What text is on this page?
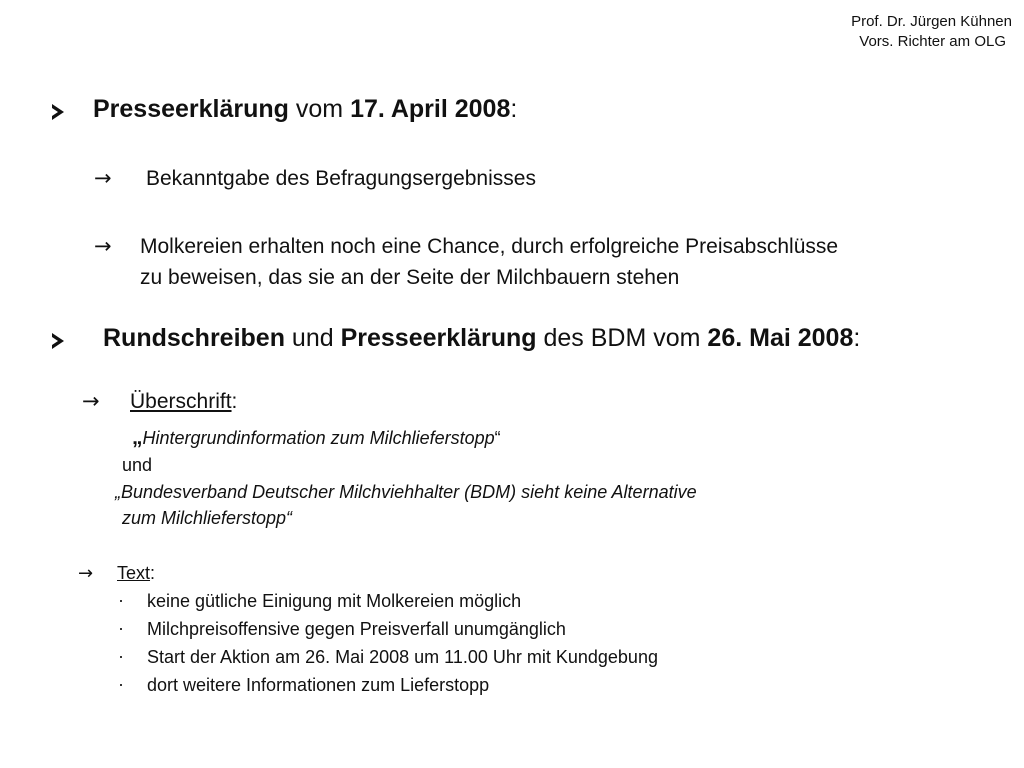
Prof. Dr. Jürgen Kühnen
Vors. Richter am OLG
Presseerklärung vom 17. April 2008:
→ Bekanntgabe des Befragungsergebnisses
→ Molkereien erhalten noch eine Chance, durch erfolgreiche Preisabschlüsse
zu beweisen, das sie an der Seite der Milchbauern stehen
Rundschreiben und Presseerklärung des BDM vom 26. Mai 2008:
→ Überschrift:
„Hintergrundinformation zum Milchlieferstopp“
und
„Bundesverband Deutscher Milchviehhalter (BDM) sieht keine Alternative
zum Milchlieferstopp“
→ Text:
· keine gütliche Einigung mit Molkereien möglich
· Milchpreisoffensive gegen Preisverfall unumgänglich
· Start der Aktion am 26. Mai 2008 um 11.00 Uhr mit Kundgebung
· dort weitere Informationen zum Lieferstopp
